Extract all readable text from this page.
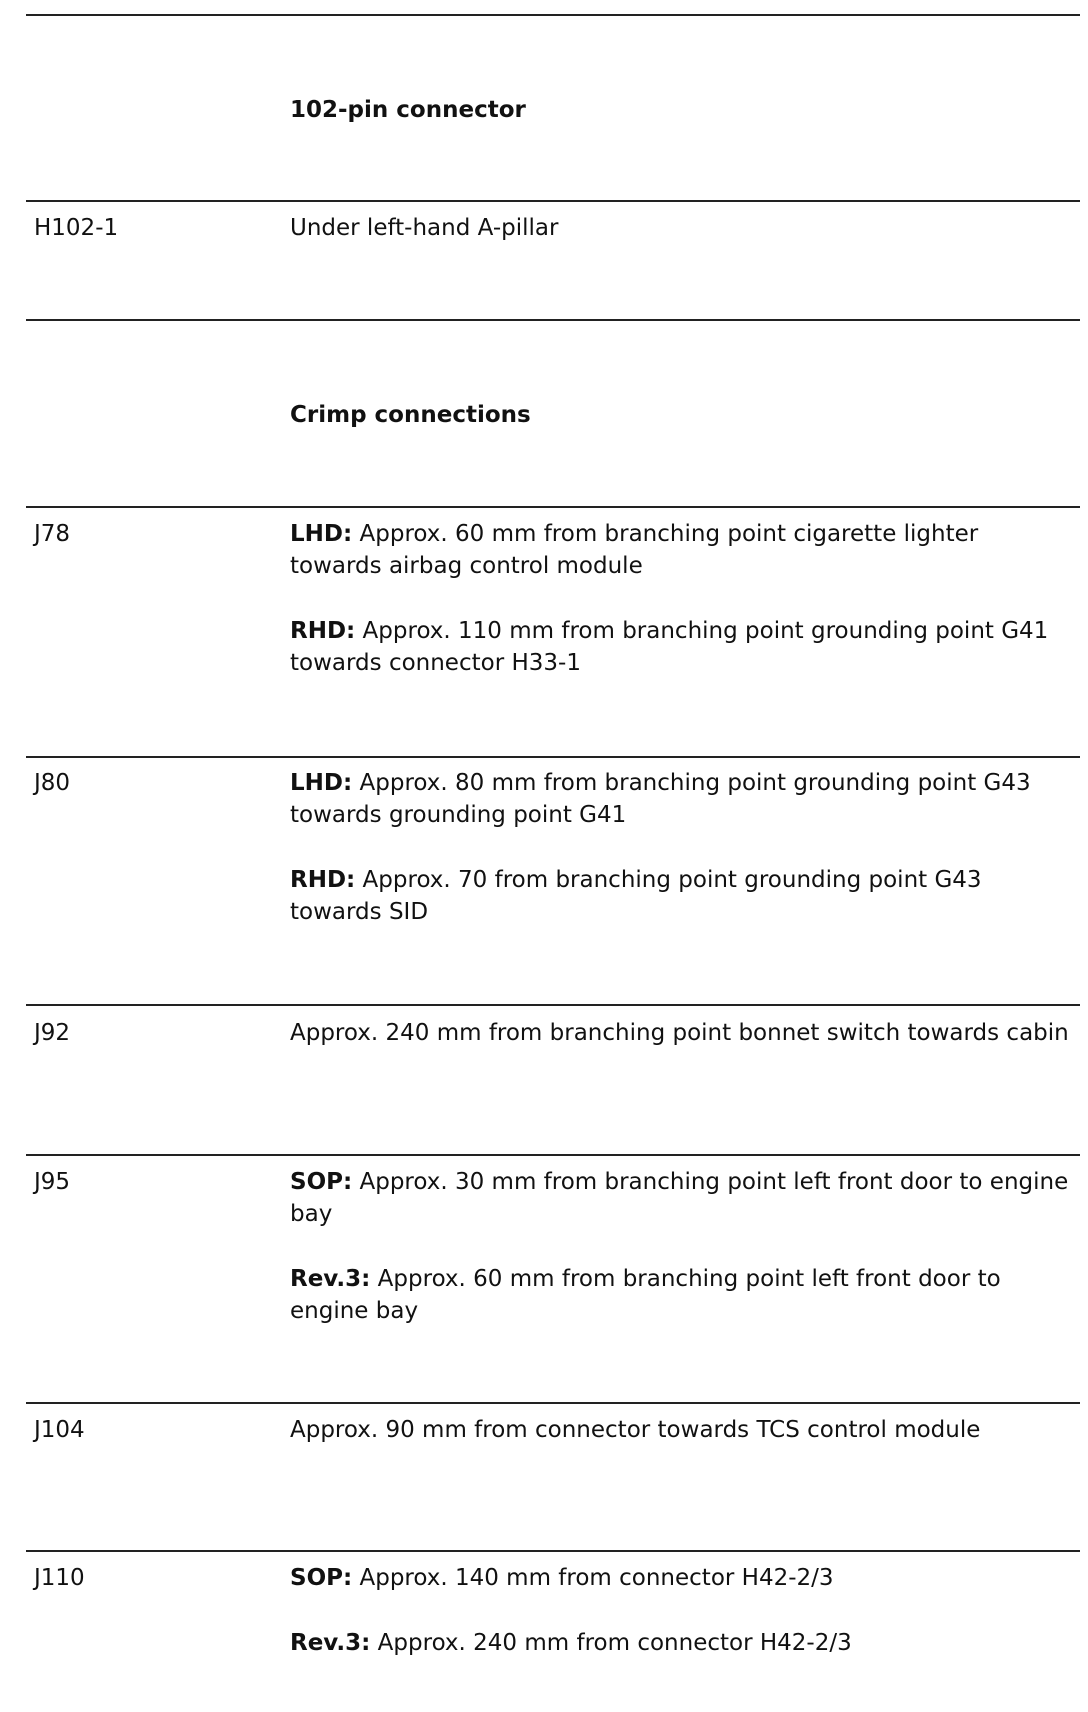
102-pin connector
Crimp connections
H102-1	Under left-hand A-pillar

J78	LHD: Approx. 60 mm from branching point cigarette lighter towards airbag control module

RHD: Approx. 110 mm from branching point grounding point G41 towards connector H33-1

J80	LHD: Approx. 80 mm from branching point grounding point G43 towards grounding point G41

RHD: Approx. 70 from branching point grounding point G43 towards SID

J92	Approx. 240 mm from branching point bonnet switch towards cabin

J95	SOP: Approx. 30 mm from branching point left front door to engine bay

Rev.3: Approx. 60 mm from branching point left front door to engine bay

J104	Approx. 90 mm from connector towards TCS control module

J110	SOP: Approx. 140 mm from connector H42-2/3

Rev.3: Approx. 240 mm from connector H42-2/3
